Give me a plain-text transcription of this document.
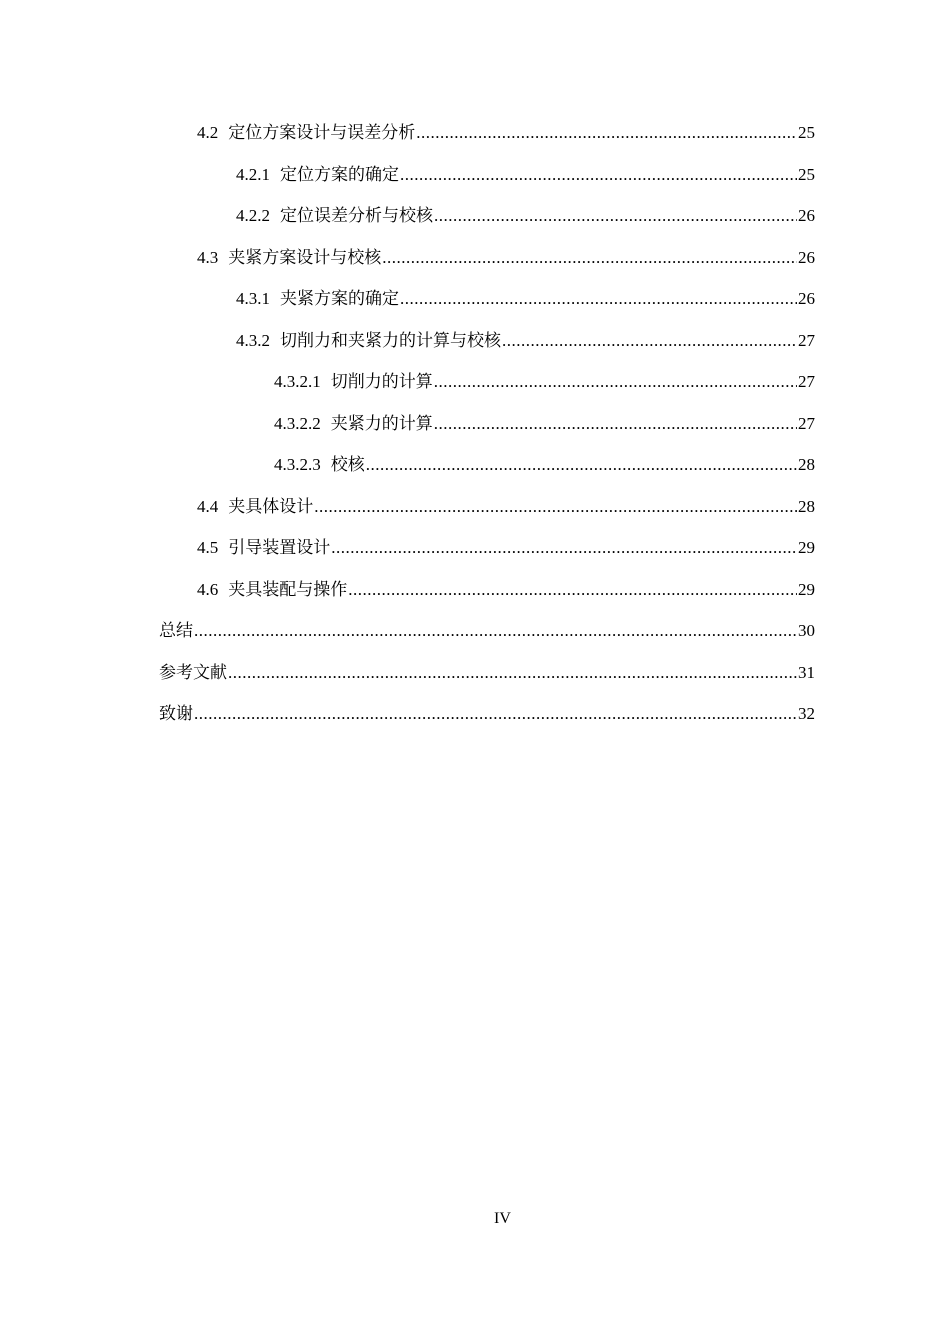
4.2 定位方案设计与误差分析 .....	25
4.2.1 定位方案的确定 .....	25
4.2.2 定位误差分析与校核 .....	26
4.3 夹紧方案设计与校核 .....	26
4.3.1 夹紧方案的确定 .....	26
4.3.2 切削力和夹紧力的计算与校核 .....	27
4.3.2.1 切削力的计算 .....	27
4.3.2.2 夹紧力的计算 .....	27
4.3.2.3 校核 .....	28
4.4 夹具体设计 .....	28
4.5 引导装置设计 .....	29
4.6 夹具装配与操作 .....	29
总结 .....	30
参考文献 .....	31
致谢 .....	32
IV
